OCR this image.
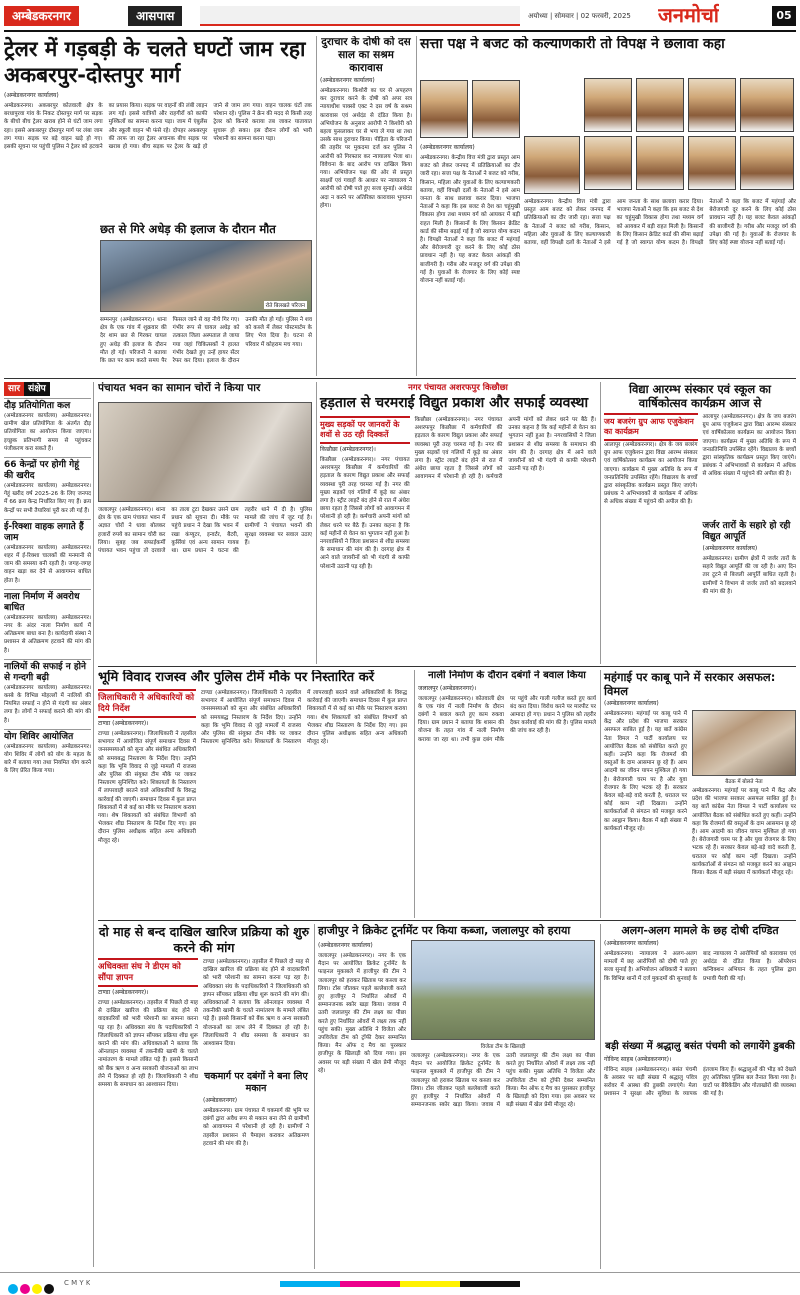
अम्बेडकरनगर	आसपास	अयोध्या | सोमवार | 02 फरवरी, 2025 जनमोर्चा	05
ट्रेलर में गड़बड़ी के चलते घण्टों जाम रहा अकबरपुर-दोस्तपुर मार्ग
(अम्बेडकरनगर कार्यालय)
अम्बेडकरनगर। अकबरपुर कोतवाली क्षेत्र के बरधापुरवा गांव के निकट दोस्तपुर मार्ग पर सड़क के बीचो बीच ट्रेलर खराब होने से घंटों जाम लगा रहा। इससे अकबरपुर दोस्तपुर मार्ग पर लंबा जाम लग गया। सड़क पर बड़े वाहन खड़े हो गए। इसकी सूचना पर पहुंची पुलिस ने ट्रेलर को हटवाने का प्रयास किया। सड़क पर वाहनों की लंबी लाइन लग गई। इससे यात्रियों और राहगीरों को काफी मुश्किलों का सामना करना पड़ा। जाम में एंबुलेंस और स्कूली वाहन भी फंसे रहे। दोपहर अकबरपुर की तरफ जा रहा ट्रेलर अचानक बीच सड़क पर खराब हो गया। बीच सड़क पर ट्रेलर के खड़े हो जाने से जाम लग गया। वाहन चालक घंटों तक परेशान रहे। पुलिस ने क्रेन की मदद से किसी तरह ट्रेलर को किनारे कराया तब जाकर यातायात सुचारू हो सका। इस दौरान लोगों को भारी परेशानी का सामना करना पड़ा।
छत से गिरे अधेड़ की इलाज के दौरान मौत
रोते बिलखते परिजन
सम्मनपुर (अम्बेडकरनगर)। थाना क्षेत्र के एक गांव में शुक्रवार की देर शाम छत से गिरकर घायल हुए अधेड़ की इलाज के दौरान मौत हो गई। परिजनों ने बताया कि छत पर काम करते समय पैर फिसल जाने से वह नीचे गिर गए। गंभीर रूप से घायल अधेड़ को तत्काल जिला अस्पताल ले जाया गया जहां चिकित्सकों ने हालत गंभीर देखते हुए उन्हें हायर सेंटर रेफर कर दिया। इलाज के दौरान उनकी मौत हो गई। पुलिस ने शव को कब्जे में लेकर पोस्टमार्टम के लिए भेज दिया है। घटना से परिवार में कोहराम मच गया।
दुराचार के दोषी को दस साल का सश्रम कारावास
(अम्बेडकरनगर कार्यालय)
अम्बेडकरनगर। किशोरी का घर से अपहरण कर दुराचार करने के दोषी को अपर सत्र न्यायाधीश पाक्सो एक्ट ने दस वर्ष के सश्रम कारावास एवं अर्थदंड से दंडित किया है। अभियोजन के अनुसार आरोपी ने किशोरी को बहला फुसलाकर घर से भगा ले गया था तथा उसके साथ दुराचार किया। पीड़िता के परिजनों की तहरीर पर मुकदमा दर्ज कर पुलिस ने आरोपी को गिरफ्तार कर न्यायालय भेजा था। विवेचना के बाद आरोप पत्र दाखिल किया गया। अभियोजन पक्ष की ओर से प्रस्तुत साक्ष्यों एवं गवाहों के आधार पर न्यायालय ने आरोपी को दोषी पाते हुए सजा सुनाई। अर्थदंड अदा न करने पर अतिरिक्त कारावास भुगतना होगा।
सत्ता पक्ष ने बजट को कल्याणकारी तो विपक्ष ने छलावा कहा
(अम्बेडकरनगर कार्यालय)
अम्बेडकरनगर। केन्द्रीय वित्त मंत्री द्वारा प्रस्तुत आम बजट को लेकर जनपद में प्रतिक्रियाओं का दौर जारी रहा। सत्ता पक्ष के नेताओं ने बजट को गरीब, किसान, महिला और युवाओं के लिए कल्याणकारी बताया, वहीं विपक्षी दलों के नेताओं ने इसे आम जनता के साथ छलावा करार दिया। भाजपा नेताओं ने कहा कि इस बजट से देश का चहुंमुखी विकास होगा तथा मध्यम वर्ग को आयकर में बड़ी राहत मिली है। किसानों के लिए किसान क्रेडिट कार्ड की सीमा बढ़ाई गई है जो स्वागत योग्य कदम है। विपक्षी नेताओं ने कहा कि बजट में महंगाई और बेरोजगारी दूर करने के लिए कोई ठोस प्रावधान नहीं है। यह बजट केवल आंकड़ों की बाजीगरी है। गरीब और मजदूर वर्ग की उपेक्षा की गई है। युवाओं के रोजगार के लिए कोई स्पष्ट योजना नहीं बताई गई।
अम्बेडकरनगर। केन्द्रीय वित्त मंत्री द्वारा प्रस्तुत आम बजट को लेकर जनपद में प्रतिक्रियाओं का दौर जारी रहा। सत्ता पक्ष के नेताओं ने बजट को गरीब, किसान, महिला और युवाओं के लिए कल्याणकारी बताया, वहीं विपक्षी दलों के नेताओं ने इसे आम जनता के साथ छलावा करार दिया। भाजपा नेताओं ने कहा कि इस बजट से देश का चहुंमुखी विकास होगा तथा मध्यम वर्ग को आयकर में बड़ी राहत मिली है। किसानों के लिए किसान क्रेडिट कार्ड की सीमा बढ़ाई गई है जो स्वागत योग्य कदम है। विपक्षी नेताओं ने कहा कि बजट में महंगाई और बेरोजगारी दूर करने के लिए कोई ठोस प्रावधान नहीं है। यह बजट केवल आंकड़ों की बाजीगरी है। गरीब और मजदूर वर्ग की उपेक्षा की गई है। युवाओं के रोजगार के लिए कोई स्पष्ट योजना नहीं बताई गई।
सार संक्षेप
दौड़ प्रतियोगिता कल
(अम्बेडकरनगर कार्यालय) अम्बेडकरनगर। ग्रामीण खेल प्रतियोगिता के अंतर्गत दौड़ प्रतियोगिता का आयोजन किया जाएगा। इच्छुक प्रतिभागी समय से पहुंचकर पंजीकरण करा सकते हैं।
66 केन्द्रों पर होगी गेहूं की खरीद
(अम्बेडकरनगर कार्यालय) अम्बेडकरनगर। गेहूं खरीद वर्ष 2025-26 के लिए जनपद में 66 क्रय केन्द्र निर्धारित किए गए हैं। क्रय केन्द्रों पर सभी तैयारियां पूरी कर ली गई हैं।
ई-रिक्शा वाहक लगाते हैं जाम
(अम्बेडकरनगर कार्यालय) अम्बेडकरनगर। शहर में ई-रिक्शा चालकों की मनमानी से जाम की समस्या बनी रहती है। जगह-जगह वाहन खड़ा कर देने से आवागमन बाधित होता है।
नाला निर्माण में अवरोध बाधित
(अम्बेडकरनगर कार्यालय) अम्बेडकरनगर। नगर के अंदर नाला निर्माण कार्य में अतिक्रमण बाधा बना है। कार्यदायी संस्था ने प्रशासन से अतिक्रमण हटवाने की मांग की है।
नालियों की सफाई न होने से गन्दगी बढ़ी
(अम्बेडकरनगर कार्यालय) अम्बेडकरनगर। कस्बे के विभिन्न मोहल्लों में नालियों की नियमित सफाई न होने से गंदगी का अंबार लगा है। लोगों ने सफाई कराने की मांग की है।
योग शिविर आयोजित
(अम्बेडकरनगर कार्यालय) अम्बेडकरनगर। योग शिविर में लोगों को योग के महत्व के बारे में बताया गया तथा नियमित योग करने के लिए प्रेरित किया गया।
पंचायत भवन का सामान चोरों ने किया पार
जलालपुर (अम्बेडकरनगर)। थाना क्षेत्र के एक ग्राम पंचायत भवन में अज्ञात चोरों ने धावा बोलकर हजारों रुपये का सामान चोरी कर लिया। सुबह जब सफाईकर्मी पंचायत भवन पहुंचा तो दरवाजे का ताला टूटा देखकर उसने ग्राम प्रधान को सूचना दी। मौके पर पहुंचे प्रधान ने देखा कि भवन में रखा कंप्यूटर, इन्वर्टर, बैटरी, कुर्सियां एवं अन्य सामान गायब था। ग्राम प्रधान ने घटना की तहरीर थाने में दी है। पुलिस मामले की जांच में जुट गई है। ग्रामीणों ने पंचायत भवनों की सुरक्षा व्यवस्था पर सवाल उठाए हैं।
नगर पंचायत अशरफपुर किछौछा
हड़ताल से चरमराई विद्युत प्रकाश और सफाई व्यवस्था
मुख्य सड़कों पर जानवरों के शवों से उठ रही दिक्कतें
किछौछा (अम्बेडकरनगर)।
किछौछा (अम्बेडकरनगर)। नगर पंचायत अशरफपुर किछौछा में कर्मचारियों की हड़ताल के कारण विद्युत प्रकाश और सफाई व्यवस्था पूरी तरह चरमरा गई है। नगर की मुख्य सड़कों एवं गलियों में कूड़े का अंबार लगा है। स्ट्रीट लाइटें बंद होने से रात में अंधेरा छाया रहता है जिससे लोगों को आवागमन में परेशानी हो रही है। कर्मचारी अपनी मांगों को लेकर धरने पर बैठे हैं। उनका कहना है कि कई महीनों से वेतन का भुगतान नहीं हुआ है। नगरवासियों ने जिला प्रशासन से शीघ्र समस्या के समाधान की मांग की है। दरगाह क्षेत्र में आने वाले जायरीनों को भी गंदगी से काफी परेशानी उठानी पड़ रही है।
किछौछा (अम्बेडकरनगर)। नगर पंचायत अशरफपुर किछौछा में कर्मचारियों की हड़ताल के कारण विद्युत प्रकाश और सफाई व्यवस्था पूरी तरह चरमरा गई है। नगर की मुख्य सड़कों एवं गलियों में कूड़े का अंबार लगा है। स्ट्रीट लाइटें बंद होने से रात में अंधेरा छाया रहता है जिससे लोगों को आवागमन में परेशानी हो रही है। कर्मचारी अपनी मांगों को लेकर धरने पर बैठे हैं। उनका कहना है कि कई महीनों से वेतन का भुगतान नहीं हुआ है। नगरवासियों ने जिला प्रशासन से शीघ्र समस्या के समाधान की मांग की है। दरगाह क्षेत्र में आने वाले जायरीनों को भी गंदगी से काफी परेशानी उठानी पड़ रही है।
विद्या आरम्भ संस्कार एवं स्कूल का वार्षिकोत्सव कार्यक्रम आज से
जय बजरंग ग्रुप आफ एजुकेशन का कार्यक्रम
आलापुर (अम्बेडकरनगर)। क्षेत्र के जय बजरंग ग्रुप आफ एजुकेशन द्वारा विद्या आरम्भ संस्कार एवं वार्षिकोत्सव कार्यक्रम का आयोजन किया जाएगा। कार्यक्रम में मुख्य अतिथि के रूप में जनप्रतिनिधि उपस्थित रहेंगे। विद्यालय के बच्चों द्वारा सांस्कृतिक कार्यक्रम प्रस्तुत किए जाएंगे। प्रबंधक ने अभिभावकों से कार्यक्रम में अधिक से अधिक संख्या में पहुंचने की अपील की है।
आलापुर (अम्बेडकरनगर)। क्षेत्र के जय बजरंग ग्रुप आफ एजुकेशन द्वारा विद्या आरम्भ संस्कार एवं वार्षिकोत्सव कार्यक्रम का आयोजन किया जाएगा। कार्यक्रम में मुख्य अतिथि के रूप में जनप्रतिनिधि उपस्थित रहेंगे। विद्यालय के बच्चों द्वारा सांस्कृतिक कार्यक्रम प्रस्तुत किए जाएंगे। प्रबंधक ने अभिभावकों से कार्यक्रम में अधिक से अधिक संख्या में पहुंचने की अपील की है।
जर्जर तारों के सहारे हो रही विद्युत आपूर्ति
(अम्बेडकरनगर कार्यालय)
अम्बेडकरनगर। ग्रामीण क्षेत्रों में जर्जर तारों के सहारे विद्युत आपूर्ति की जा रही है। आए दिन तार टूटने से बिजली आपूर्ति बाधित रहती है। ग्रामीणों ने विभाग से जर्जर तारों को बदलवाने की मांग की है।
भूमि विवाद राजस्व और पुलिस टीमें मौके पर निस्तारित करें
जिलाधिकारी ने अधिकारियों को दिये निर्देश
टाण्डा (अम्बेडकरनगर)।
टाण्डा (अम्बेडकरनगर)। जिलाधिकारी ने तहसील सभागार में आयोजित संपूर्ण समाधान दिवस में जनसमस्याओं को सुना और संबंधित अधिकारियों को समयबद्ध निस्तारण के निर्देश दिए। उन्होंने कहा कि भूमि विवाद से जुड़े मामलों में राजस्व और पुलिस की संयुक्त टीम मौके पर जाकर निस्तारण सुनिश्चित करे। शिकायतों के निस्तारण में लापरवाही बरतने वाले अधिकारियों के विरुद्ध कार्रवाई की जाएगी। समाधान दिवस में कुल प्राप्त शिकायतों में से कई का मौके पर निस्तारण कराया गया। शेष शिकायतों को संबंधित विभागों को भेजकर शीघ्र निस्तारण के निर्देश दिए गए। इस दौरान पुलिस अधीक्षक सहित अन्य अधिकारी मौजूद रहे।
टाण्डा (अम्बेडकरनगर)। जिलाधिकारी ने तहसील सभागार में आयोजित संपूर्ण समाधान दिवस में जनसमस्याओं को सुना और संबंधित अधिकारियों को समयबद्ध निस्तारण के निर्देश दिए। उन्होंने कहा कि भूमि विवाद से जुड़े मामलों में राजस्व और पुलिस की संयुक्त टीम मौके पर जाकर निस्तारण सुनिश्चित करे। शिकायतों के निस्तारण में लापरवाही बरतने वाले अधिकारियों के विरुद्ध कार्रवाई की जाएगी। समाधान दिवस में कुल प्राप्त शिकायतों में से कई का मौके पर निस्तारण कराया गया। शेष शिकायतों को संबंधित विभागों को भेजकर शीघ्र निस्तारण के निर्देश दिए गए। इस दौरान पुलिस अधीक्षक सहित अन्य अधिकारी मौजूद रहे।
नाली निर्माण के दौरान दबंगों ने बवाल किया
जलालपुर (अम्बेडकरनगर)।
जलालपुर (अम्बेडकरनगर)। कोतवाली क्षेत्र के एक गांव में नाली निर्माण के दौरान दबंगों ने बवाल करते हुए काम रुकवा दिया। ग्राम प्रधान ने बताया कि शासन की योजना के तहत गांव में नाली निर्माण कराया जा रहा था। तभी कुछ दबंग मौके पर पहुंचे और गाली गलौज करते हुए कार्य बंद करा दिया। विरोध करने पर मारपीट पर आमादा हो गए। प्रधान ने पुलिस को तहरीर देकर कार्रवाई की मांग की है। पुलिस मामले की जांच कर रही है।
महंगाई पर काबू पाने में सरकार असफल: विमल
(अम्बेडकरनगर कार्यालय)
अम्बेडकरनगर। महंगाई पर काबू पाने में केंद्र और प्रदेश की भाजपा सरकार असफल साबित हुई है। यह बातें कांग्रेस नेता विमल ने पार्टी कार्यालय पर आयोजित बैठक को संबोधित करते हुए कहीं। उन्होंने कहा कि रोजमर्रा की वस्तुओं के दाम आसमान छू रहे हैं। आम आदमी का जीवन यापन मुश्किल हो गया है। बेरोजगारी चरम पर है और युवा रोजगार के लिए भटक रहे हैं। सरकार केवल बड़े-बड़े वादे करती है, धरातल पर कोई काम नहीं दिखता। उन्होंने कार्यकर्ताओं से संगठन को मजबूत करने का आह्वान किया। बैठक में बड़ी संख्या में कार्यकर्ता मौजूद रहे।
बैठक में बोलते नेता
अम्बेडकरनगर। महंगाई पर काबू पाने में केंद्र और प्रदेश की भाजपा सरकार असफल साबित हुई है। यह बातें कांग्रेस नेता विमल ने पार्टी कार्यालय पर आयोजित बैठक को संबोधित करते हुए कहीं। उन्होंने कहा कि रोजमर्रा की वस्तुओं के दाम आसमान छू रहे हैं। आम आदमी का जीवन यापन मुश्किल हो गया है। बेरोजगारी चरम पर है और युवा रोजगार के लिए भटक रहे हैं। सरकार केवल बड़े-बड़े वादे करती है, धरातल पर कोई काम नहीं दिखता। उन्होंने कार्यकर्ताओं से संगठन को मजबूत करने का आह्वान किया। बैठक में बड़ी संख्या में कार्यकर्ता मौजूद रहे।
दो माह से बन्द दाखिल खारिज प्रक्रिया को शुरु करने की मांग
अधिवक्ता संघ ने डीएम को सौंपा ज्ञापन
टाण्डा (अम्बेडकरनगर)।
टाण्डा (अम्बेडकरनगर)। तहसील में पिछले दो माह से दाखिल खारिज की प्रक्रिया बंद होने से वादकारियों को भारी परेशानी का सामना करना पड़ रहा है। अधिवक्ता संघ के पदाधिकारियों ने जिलाधिकारी को ज्ञापन सौंपकर प्रक्रिया शीघ्र शुरू कराने की मांग की। अधिवक्ताओं ने बताया कि ऑनलाइन व्यवस्था में तकनीकी खामी के चलते नामांतरण के मामले लंबित पड़े हैं। इससे किसानों को बैंक ऋण व अन्य सरकारी योजनाओं का लाभ लेने में दिक्कत हो रही है। जिलाधिकारी ने शीघ्र समस्या के समाधान का आश्वासन दिया।
टाण्डा (अम्बेडकरनगर)। तहसील में पिछले दो माह से दाखिल खारिज की प्रक्रिया बंद होने से वादकारियों को भारी परेशानी का सामना करना पड़ रहा है। अधिवक्ता संघ के पदाधिकारियों ने जिलाधिकारी को ज्ञापन सौंपकर प्रक्रिया शीघ्र शुरू कराने की मांग की। अधिवक्ताओं ने बताया कि ऑनलाइन व्यवस्था में तकनीकी खामी के चलते नामांतरण के मामले लंबित पड़े हैं। इससे किसानों को बैंक ऋण व अन्य सरकारी योजनाओं का लाभ लेने में दिक्कत हो रही है। जिलाधिकारी ने शीघ्र समस्या के समाधान का आश्वासन दिया।
चकमार्ग पर दबंगों ने बना लिए मकान
(अम्बेडकरनगर)
अम्बेडकरनगर। ग्राम पंचायत में चकमार्ग की भूमि पर दबंगों द्वारा अवैध रूप से मकान बना लेने से ग्रामीणों को आवागमन में परेशानी हो रही है। ग्रामीणों ने तहसील प्रशासन से पैमाइश कराकर अतिक्रमण हटवाने की मांग की है।
हाजीपुर ने क्रिकेट टूर्नामेंट पर किया कब्जा, जलालपुर को हराया
(अम्बेडकरनगर कार्यालय)
जलालपुर (अम्बेडकरनगर)। नगर के एक मैदान पर आयोजित क्रिकेट टूर्नामेंट के फाइनल मुकाबले में हाजीपुर की टीम ने जलालपुर को हराकर खिताब पर कब्जा कर लिया। टॉस जीतकर पहले बल्लेबाजी करते हुए हाजीपुर ने निर्धारित ओवरों में सम्मानजनक स्कोर खड़ा किया। जवाब में उतरी जलालपुर की टीम लक्ष्य का पीछा करते हुए निर्धारित ओवरों में लक्ष्य तक नहीं पहुंच सकी। मुख्य अतिथि ने विजेता और उपविजेता टीम को ट्रॉफी देकर सम्मानित किया। मैन ऑफ द मैच का पुरस्कार हाजीपुर के खिलाड़ी को दिया गया। इस अवसर पर बड़ी संख्या में खेल प्रेमी मौजूद रहे।
विजेता टीम के खिलाड़ी
जलालपुर (अम्बेडकरनगर)। नगर के एक मैदान पर आयोजित क्रिकेट टूर्नामेंट के फाइनल मुकाबले में हाजीपुर की टीम ने जलालपुर को हराकर खिताब पर कब्जा कर लिया। टॉस जीतकर पहले बल्लेबाजी करते हुए हाजीपुर ने निर्धारित ओवरों में सम्मानजनक स्कोर खड़ा किया। जवाब में उतरी जलालपुर की टीम लक्ष्य का पीछा करते हुए निर्धारित ओवरों में लक्ष्य तक नहीं पहुंच सकी। मुख्य अतिथि ने विजेता और उपविजेता टीम को ट्रॉफी देकर सम्मानित किया। मैन ऑफ द मैच का पुरस्कार हाजीपुर के खिलाड़ी को दिया गया। इस अवसर पर बड़ी संख्या में खेल प्रेमी मौजूद रहे।
अलग-अलग मामले के छह दोषी दण्डित
(अम्बेडकरनगर कार्यालय)
अम्बेडकरनगर। न्यायालय ने अलग-अलग मामलों में छह आरोपियों को दोषी पाते हुए सजा सुनाई है। अभियोजन अधिकारी ने बताया कि विभिन्न थानों में दर्ज मुकदमों की सुनवाई के बाद न्यायालय ने आरोपियों को कारावास एवं अर्थदंड से दंडित किया है। ऑपरेशन कन्विक्शन अभियान के तहत पुलिस द्वारा प्रभावी पैरवी की गई।
बड़ी संख्या में श्रद्धालु बसंत पंचमी को लगायेंगे डुबकी
गोविन्द साहब (अम्बेडकरनगर)।
गोविन्द साहब (अम्बेडकरनगर)। बसंत पंचमी के अवसर पर बड़ी संख्या में श्रद्धालु पवित्र सरोवर में आस्था की डुबकी लगाएंगे। मेला प्रशासन ने सुरक्षा और सुविधा के व्यापक इंतजाम किए हैं। श्रद्धालुओं की भीड़ को देखते हुए अतिरिक्त पुलिस बल तैनात किया गया है। घाटों पर बैरिकेडिंग और गोताखोरों की व्यवस्था की गई है।
C M Y K
